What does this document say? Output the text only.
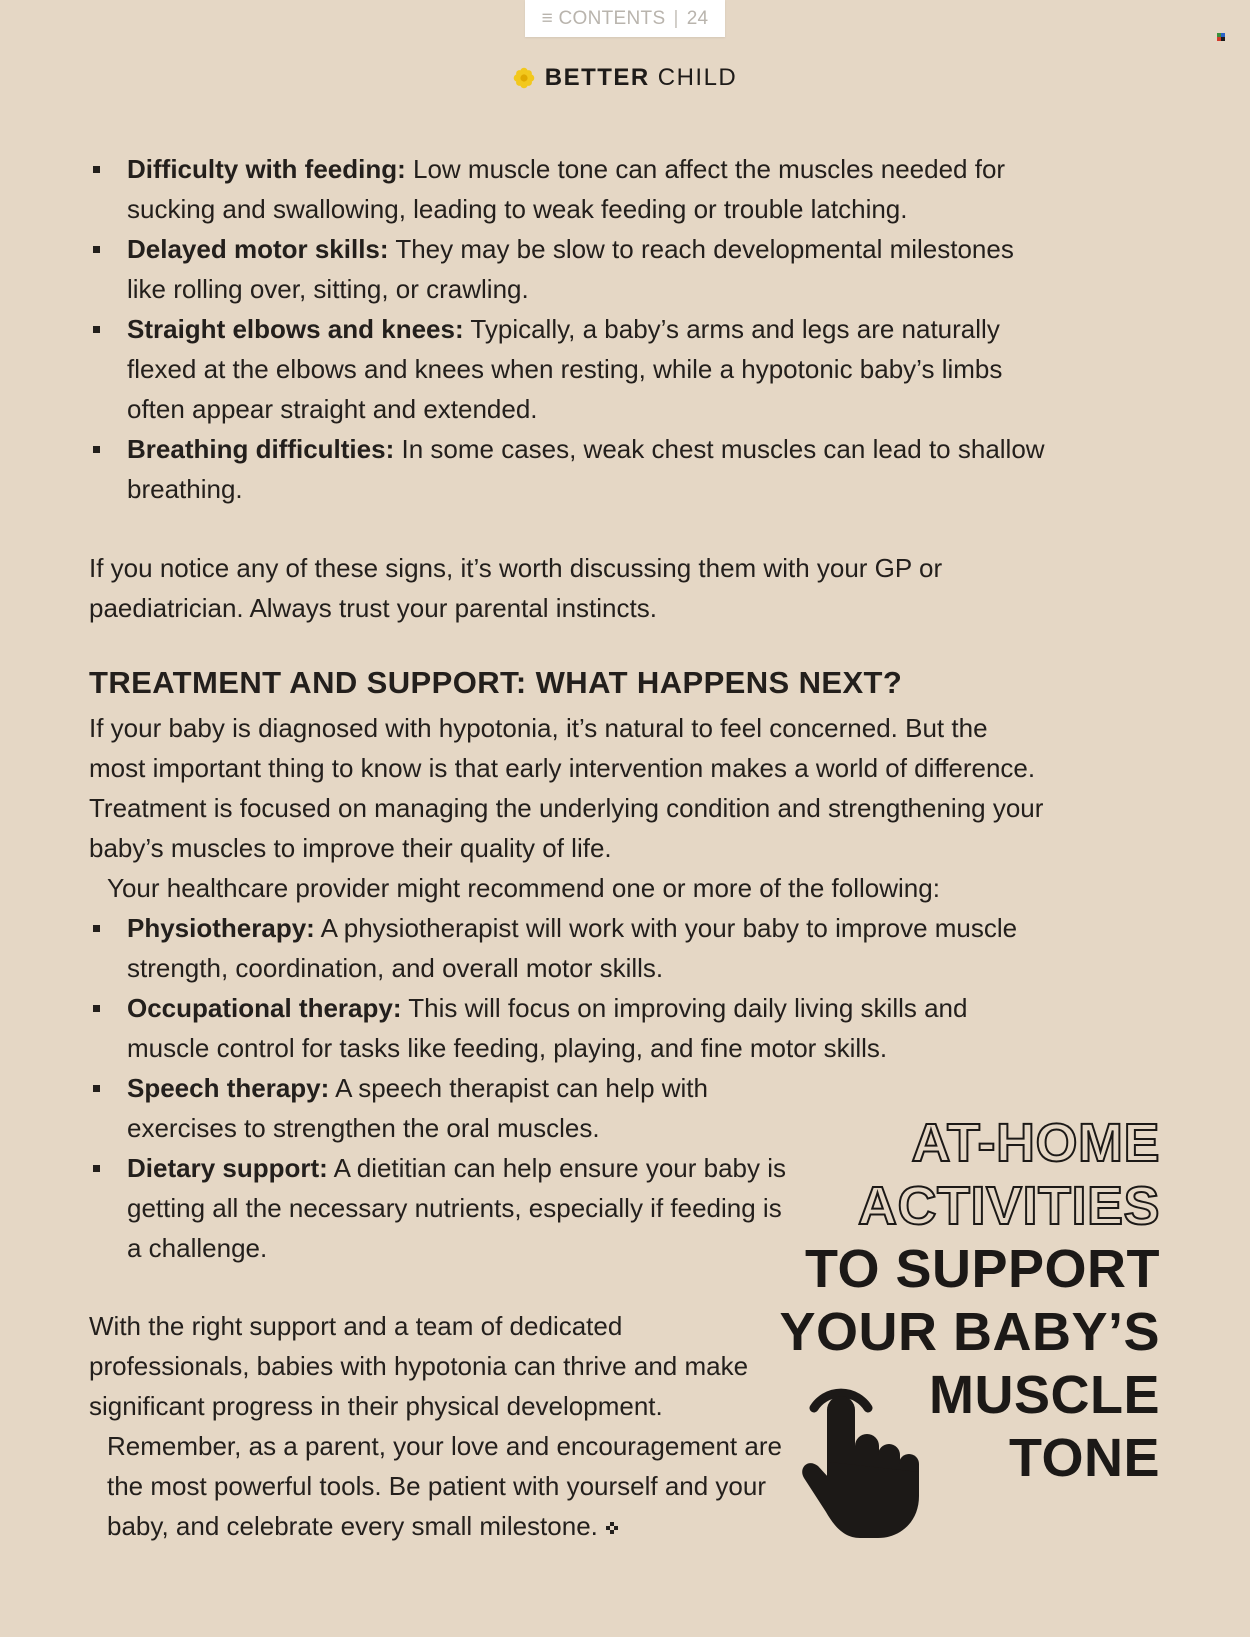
≡ CONTENTS | 24
BETTER CHILD
Difficulty with feeding: Low muscle tone can affect the muscles needed for sucking and swallowing, leading to weak feeding or trouble latching.
Delayed motor skills: They may be slow to reach developmental milestones like rolling over, sitting, or crawling.
Straight elbows and knees: Typically, a baby’s arms and legs are naturally flexed at the elbows and knees when resting, while a hypotonic baby’s limbs often appear straight and extended.
Breathing difficulties: In some cases, weak chest muscles can lead to shallow breathing.

If you notice any of these signs, it’s worth discussing them with your GP or paediatrician. Always trust your parental instincts.

TREATMENT AND SUPPORT: WHAT HAPPENS NEXT?

If your baby is diagnosed with hypotonia, it’s natural to feel concerned. But the most important thing to know is that early intervention makes a world of difference. Treatment is focused on managing the underlying condition and strengthening your baby’s muscles to improve their quality of life.

Your healthcare provider might recommend one or more of the following:

Physiotherapy: A physiotherapist will work with your baby to improve muscle strength, coordination, and overall motor skills.
Occupational therapy: This will focus on improving daily living skills and muscle control for tasks like feeding, playing, and fine motor skills.
Speech therapy: A speech therapist can help with exercises to strengthen the oral muscles.
Dietary support: A dietitian can help ensure your baby is getting all the necessary nutrients, especially if feeding is a challenge.

With the right support and a team of dedicated professionals, babies with hypotonia can thrive and make significant progress in their physical development.

Remember, as a parent, your love and encouragement are the most powerful tools. Be patient with yourself and your baby, and celebrate every small milestone.

AT-HOME
ACTIVITIES
TO SUPPORT
YOUR BABY’S
MUSCLE
TONE
